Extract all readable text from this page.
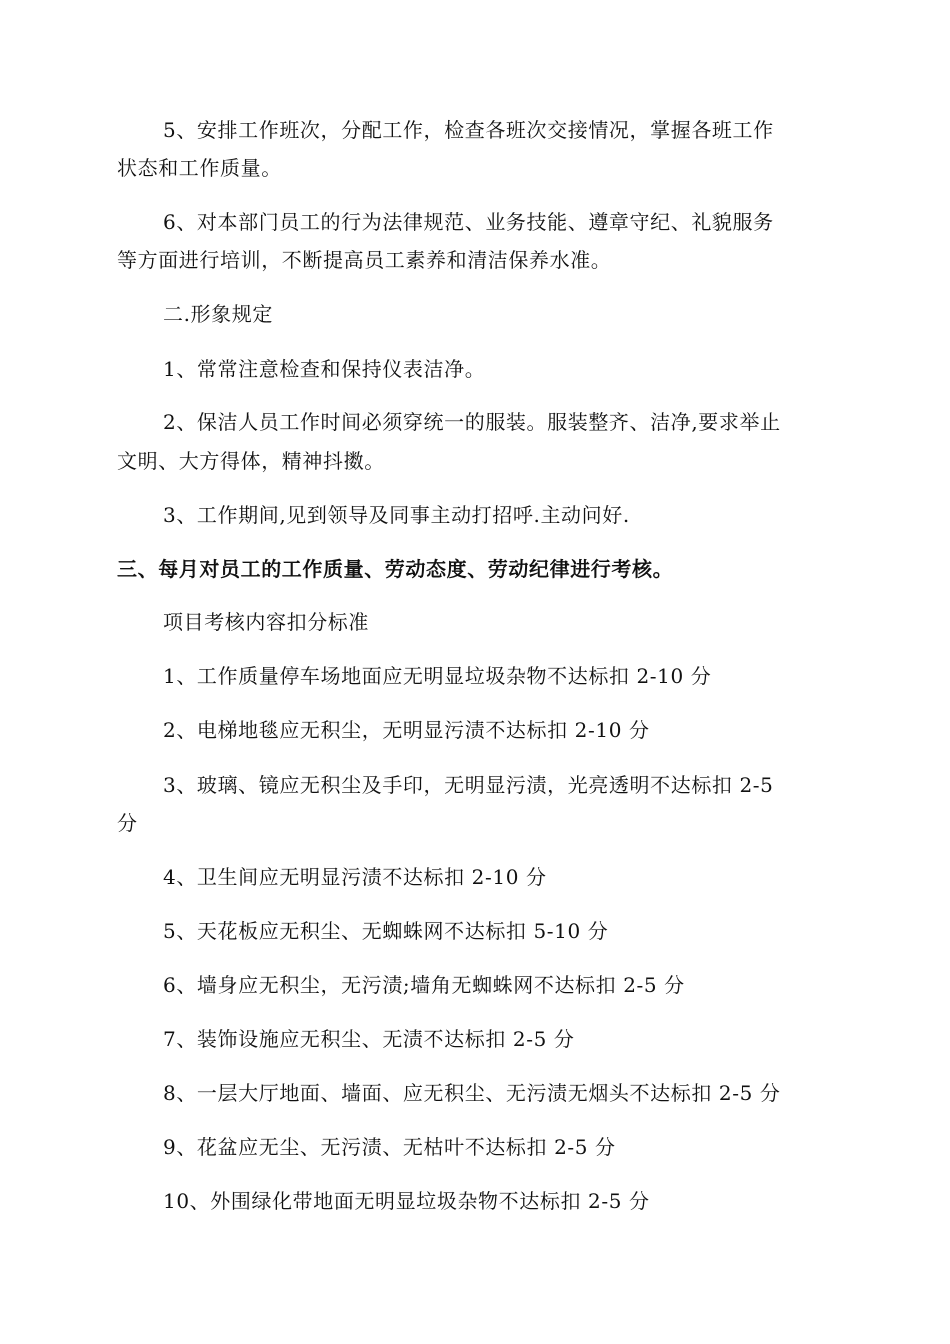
5、安排工作班次，分配工作，检查各班次交接情况，掌握各班工作

状态和工作质量。

6、对本部门员工的行为法律规范、业务技能、遵章守纪、礼貌服务

等方面进行培训，不断提高员工素养和清洁保养水准。

二.形象规定

1、常常注意检查和保持仪表洁净。

2、保洁人员工作时间必须穿统一的服装。服装整齐、洁净,要求举止

文明、大方得体，精神抖擞。

3、工作期间,见到领导及同事主动打招呼.主动问好.

三、每月对员工的工作质量、劳动态度、劳动纪律进行考核。

项目考核内容扣分标准

1、工作质量停车场地面应无明显垃圾杂物不达标扣 2-10 分

2、电梯地毯应无积尘，无明显污渍不达标扣 2-10 分

3、玻璃、镜应无积尘及手印，无明显污渍，光亮透明不达标扣 2-5

分

4、卫生间应无明显污渍不达标扣 2-10 分

5、天花板应无积尘、无蜘蛛网不达标扣 5-10 分

6、墙身应无积尘，无污渍;墙角无蜘蛛网不达标扣 2-5 分

7、装饰设施应无积尘、无渍不达标扣 2-5 分

8、一层大厅地面、墙面、应无积尘、无污渍无烟头不达标扣 2-5 分

9、花盆应无尘、无污渍、无枯叶不达标扣 2-5 分

10、外围绿化带地面无明显垃圾杂物不达标扣 2-5 分
